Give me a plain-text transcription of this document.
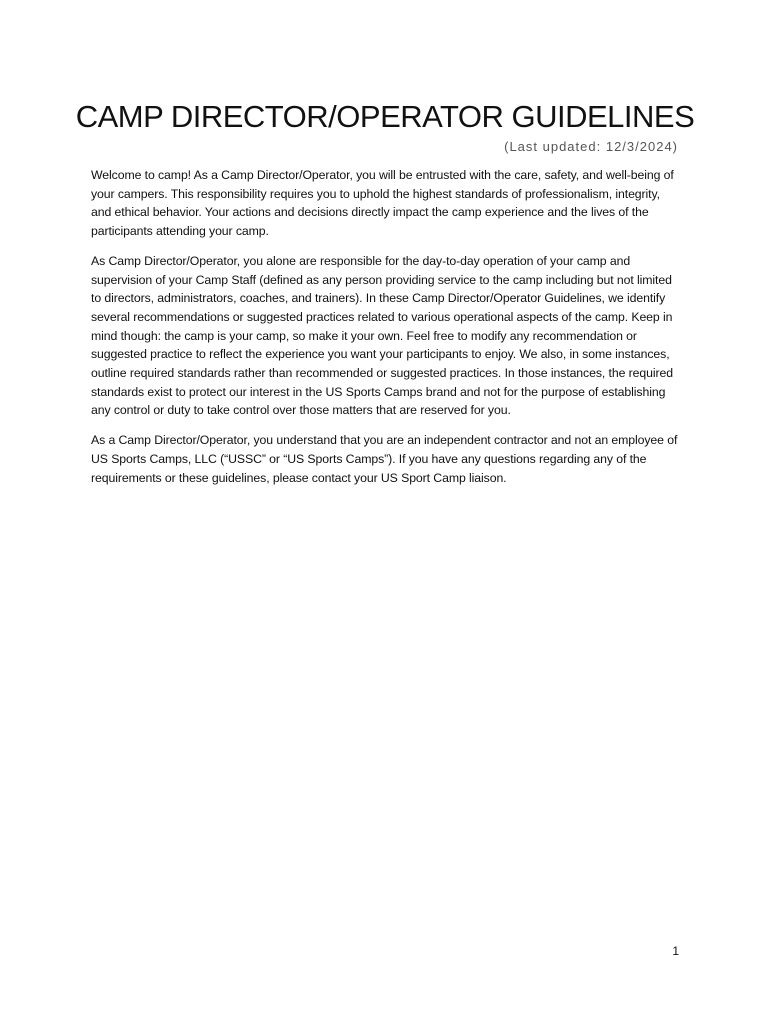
CAMP DIRECTOR/OPERATOR GUIDELINES
(Last updated: 12/3/2024)

Welcome to camp! As a Camp Director/Operator, you will be entrusted with the care, safety, and well-being of your campers. This responsibility requires you to uphold the highest standards of professionalism, integrity, and ethical behavior. Your actions and decisions directly impact the camp experience and the lives of the participants attending your camp.

As Camp Director/Operator, you alone are responsible for the day-to-day operation of your camp and supervision of your Camp Staff (defined as any person providing service to the camp including but not limited to directors, administrators, coaches, and trainers). In these Camp Director/Operator Guidelines, we identify several recommendations or suggested practices related to various operational aspects of the camp. Keep in mind though: the camp is your camp, so make it your own. Feel free to modify any recommendation or suggested practice to reflect the experience you want your participants to enjoy. We also, in some instances, outline required standards rather than recommended or suggested practices. In those instances, the required standards exist to protect our interest in the US Sports Camps brand and not for the purpose of establishing any control or duty to take control over those matters that are reserved for you.

As a Camp Director/Operator, you understand that you are an independent contractor and not an employee of US Sports Camps, LLC (“USSC” or “US Sports Camps”). If you have any questions regarding any of the requirements or these guidelines, please contact your US Sport Camp liaison.

1
